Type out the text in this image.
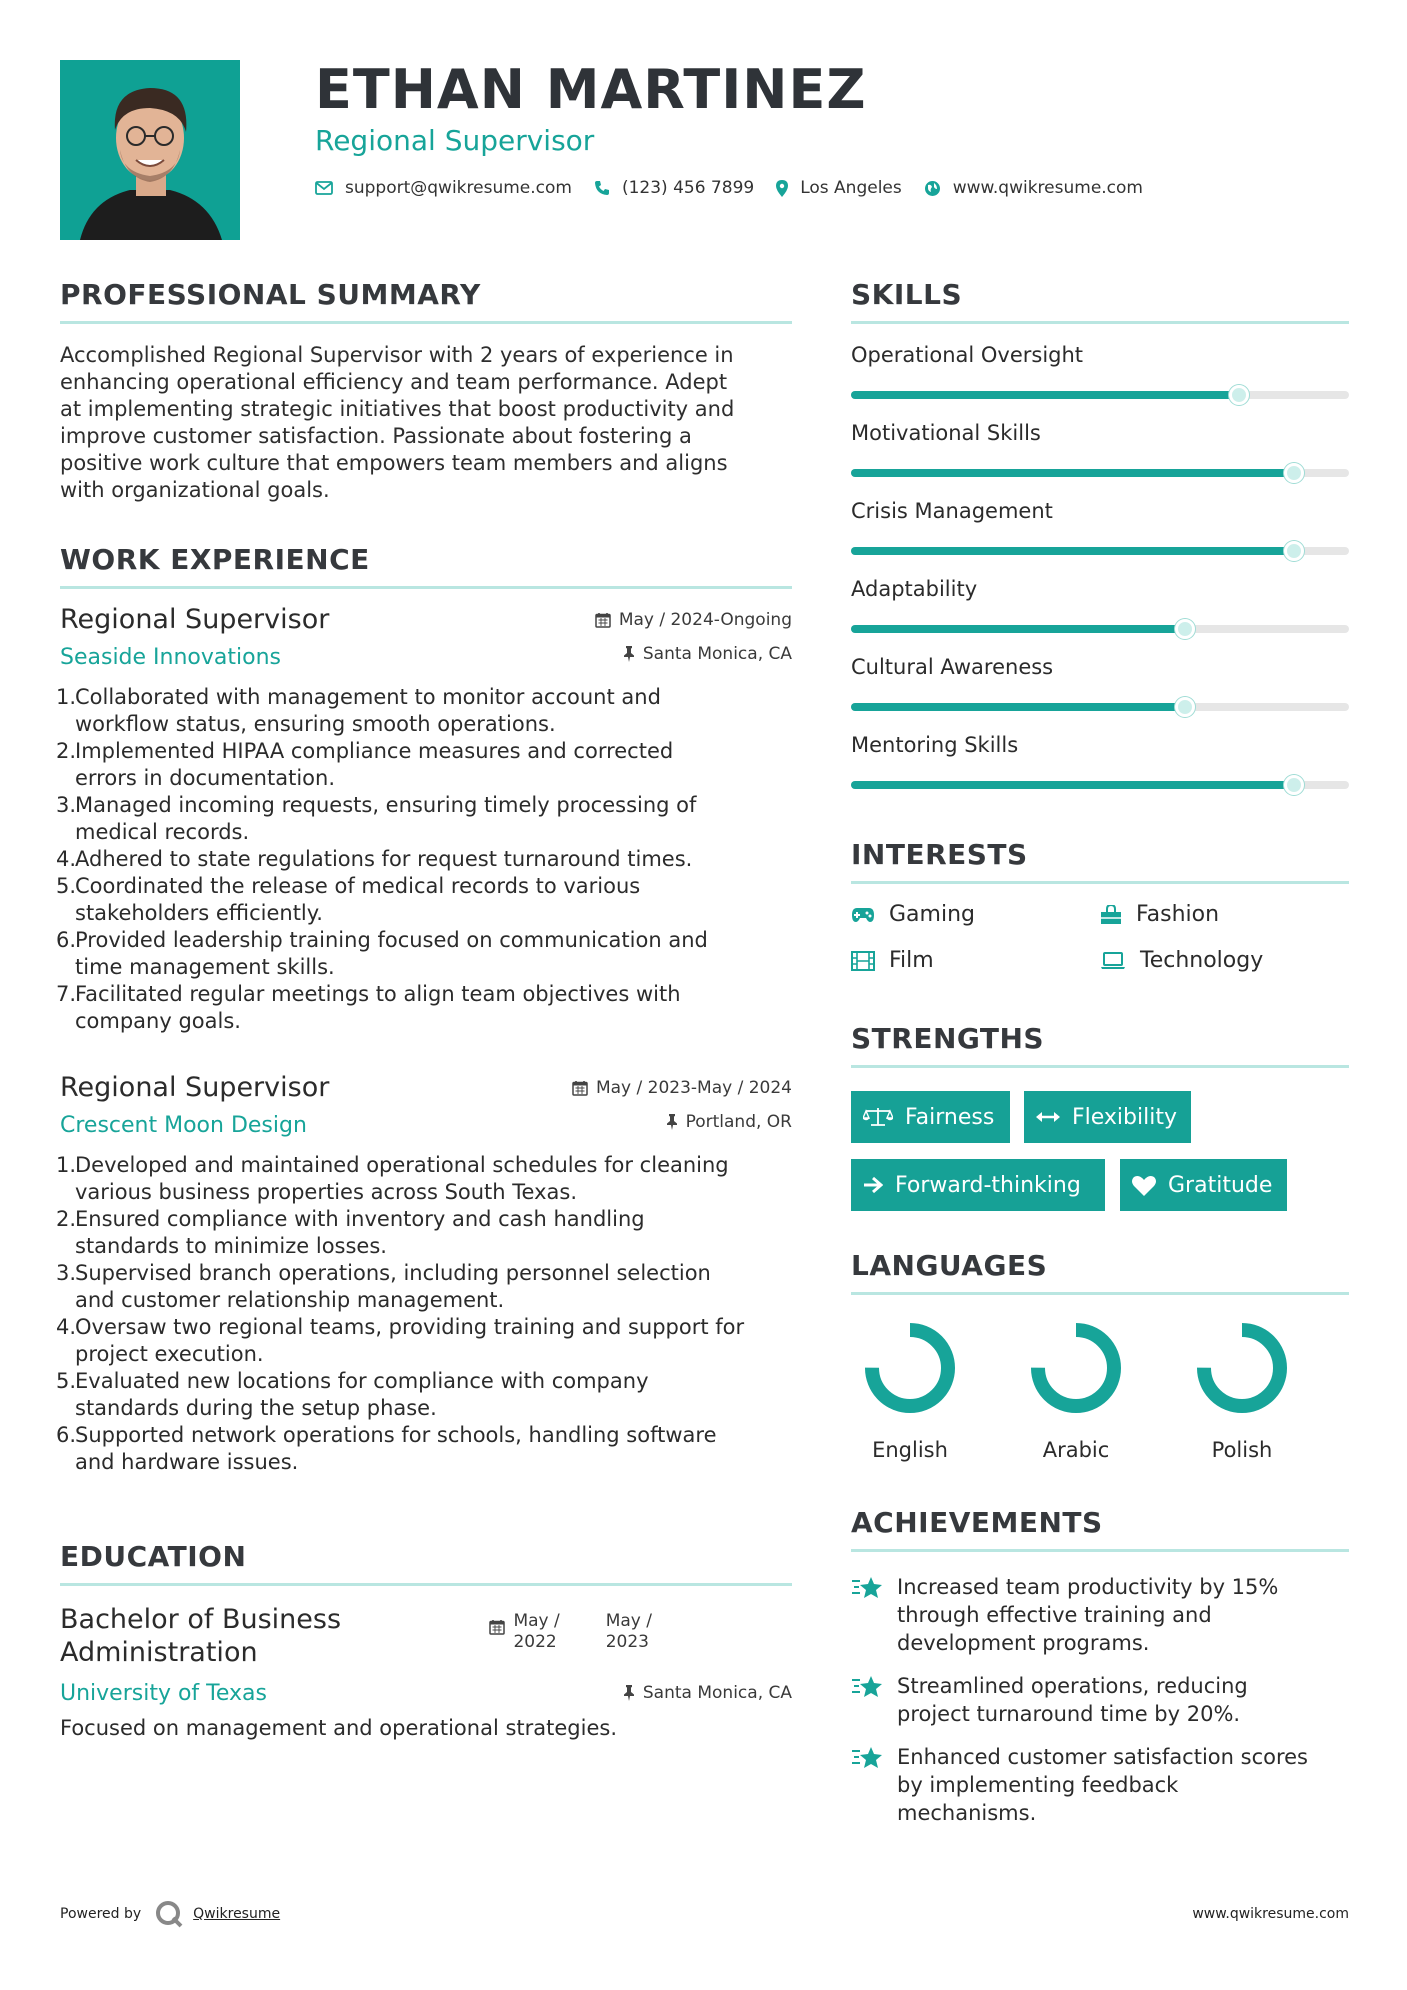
ETHAN MARTINEZ
Regional Supervisor
support@qwikresume.com	(123) 456 7899	Los Angeles	www.qwikresume.com
PROFESSIONAL SUMMARY
Accomplished Regional Supervisor with 2 years of experience in
enhancing operational efficiency and team performance. Adept
at implementing strategic initiatives that boost productivity and
improve customer satisfaction. Passionate about fostering a
positive work culture that empowers team members and aligns
with organizational goals.
WORK EXPERIENCE
Regional Supervisor
Seaside Innovations
May / 2024-Ongoing
Santa Monica, CA
1.
Collaborated with management to monitor account and
workflow status, ensuring smooth operations.
2.
Implemented HIPAA compliance measures and corrected
errors in documentation.
3.
Managed incoming requests, ensuring timely processing of
medical records.
4.
Adhered to state regulations for request turnaround times.
5.
Coordinated the release of medical records to various
stakeholders efficiently.
6.
Provided leadership training focused on communication and
time management skills.
7.
Facilitated regular meetings to align team objectives with
company goals.
Regional Supervisor
Crescent Moon Design
May / 2023-May / 2024
Portland, OR
1.
Developed and maintained operational schedules for cleaning
various business properties across South Texas.
2.
Ensured compliance with inventory and cash handling
standards to minimize losses.
3.
Supervised branch operations, including personnel selection
and customer relationship management.
4.
Oversaw two regional teams, providing training and support for
project execution.
5.
Evaluated new locations for compliance with company
standards during the setup phase.
6.
Supported network operations for schools, handling software
and hardware issues.
EDUCATION
Bachelor of Business
Administration
University of Texas
Focused on management and operational strategies.
May /
2022
May /
2023
Santa Monica, CA
SKILLS
Operational Oversight
Motivational Skills
Crisis Management
Adaptability
Cultural Awareness
Mentoring Skills
INTERESTS
Gaming	Fashion
Film	Technology
STRENGTHS
Fairness	Flexibility
Forward-thinking	Gratitude
LANGUAGES
English	Arabic	Polish
ACHIEVEMENTS
Increased team productivity by 15%
through effective training and
development programs.
Streamlined operations, reducing
project turnaround time by 20%.
Enhanced customer satisfaction scores
by implementing feedback
mechanisms.
Powered by	Qwikresume	www.qwikresume.com
